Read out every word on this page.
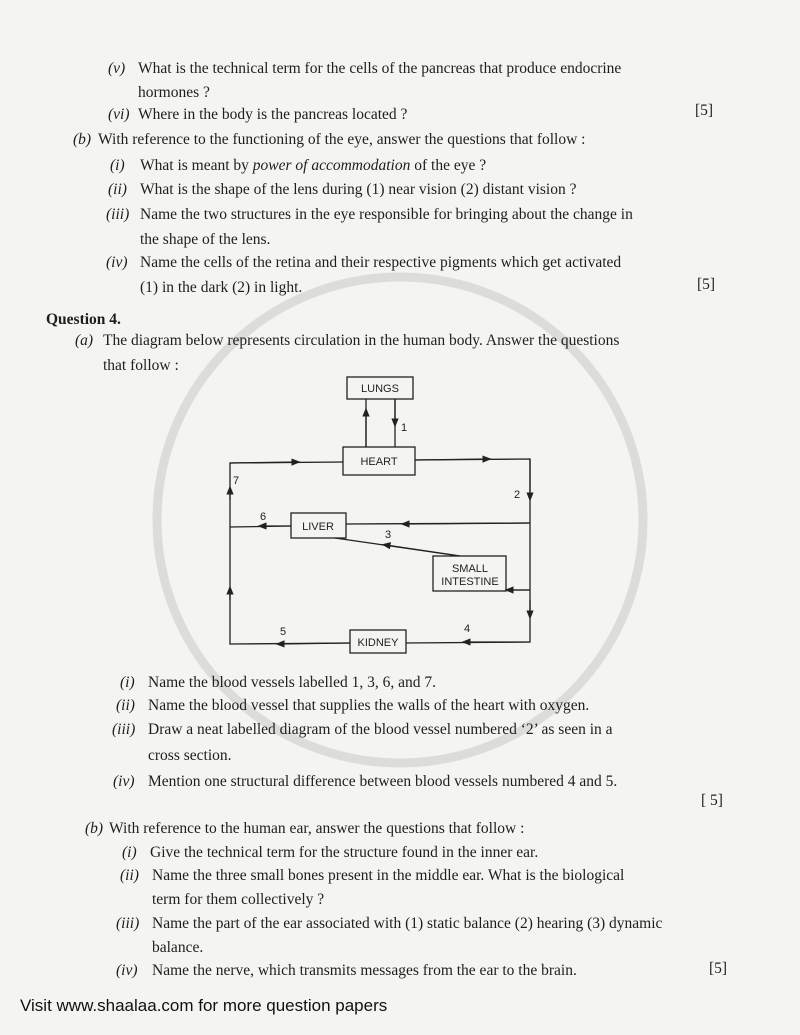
(v) What is the technical term for the cells of the pancreas that produce endocrine
hormones ?
(vi) Where in the body is the pancreas located ?	[5]
(b) With reference to the functioning of the eye, answer the questions that follow :
(i) What is meant by power of accommodation of the eye ?
(ii) What is the shape of the lens during (1) near vision (2) distant vision ?
(iii) Name the two structures in the eye responsible for bringing about the change in
the shape of the lens.
(iv) Name the cells of the retina and their respective pigments which get activated
(1) in the dark (2) in light.	[5]
Question 4.
(a) The diagram below represents circulation in the human body. Answer the questions
that follow :
LUNGS
HEART
LIVER
SMALL
INTESTINE
KIDNEY
1
2
3
4
5
6
7
(i) Name the blood vessels labelled 1, 3, 6, and 7.
(ii) Name the blood vessel that supplies the walls of the heart with oxygen.
(iii) Draw a neat labelled diagram of the blood vessel numbered ‘2’ as seen in a
cross section.
(iv) Mention one structural difference between blood vessels numbered 4 and 5.
[ 5]
(b) With reference to the human ear, answer the questions that follow :
(i) Give the technical term for the structure found in the inner ear.
(ii) Name the three small bones present in the middle ear. What is the biological
term for them collectively ?
(iii) Name the part of the ear associated with (1) static balance (2) hearing (3) dynamic
balance.
(iv) Name the nerve, which transmits messages from the ear to the brain.	[5]
Visit www.shaalaa.com for more question papers
